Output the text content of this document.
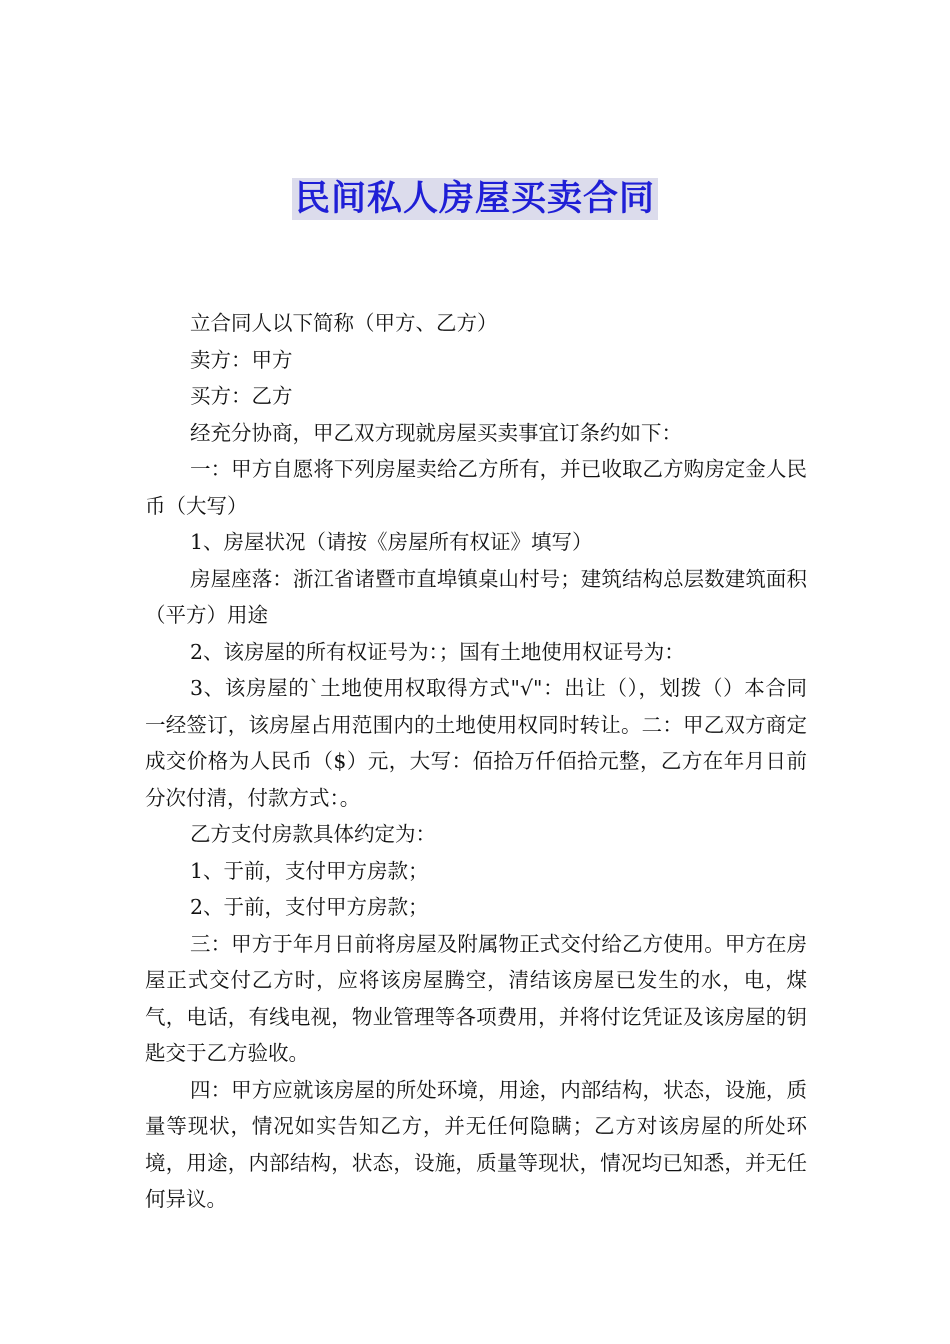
民间私人房屋买卖合同

立合同人以下简称（甲方、乙方）

卖方：甲方

买方：乙方

经充分协商，甲乙双方现就房屋买卖事宜订条约如下：

一：甲方自愿将下列房屋卖给乙方所有，并已收取乙方购房定金人民币（大写）

1、房屋状况（请按《房屋所有权证》填写）

房屋座落：浙江省诸暨市直埠镇桌山村号；建筑结构总层数建筑面积（平方）用途

2、该房屋的所有权证号为：；国有土地使用权证号为：

3、该房屋的`土地使用权取得方式"√"：出让（），划拨（）本合同一经签订，该房屋占用范围内的土地使用权同时转让。二：甲乙双方商定成交价格为人民币（$）元，大写：佰拾万仟佰拾元整，乙方在年月日前分次付清，付款方式：。

乙方支付房款具体约定为：

1、于前，支付甲方房款；

2、于前，支付甲方房款；

三：甲方于年月日前将房屋及附属物正式交付给乙方使用。甲方在房屋正式交付乙方时，应将该房屋腾空，清结该房屋已发生的水，电，煤气，电话，有线电视，物业管理等各项费用，并将付讫凭证及该房屋的钥匙交于乙方验收。

四：甲方应就该房屋的所处环境，用途，内部结构，状态，设施，质量等现状，情况如实告知乙方，并无任何隐瞒；乙方对该房屋的所处环境，用途，内部结构，状态，设施，质量等现状，情况均已知悉，并无任何异议。
